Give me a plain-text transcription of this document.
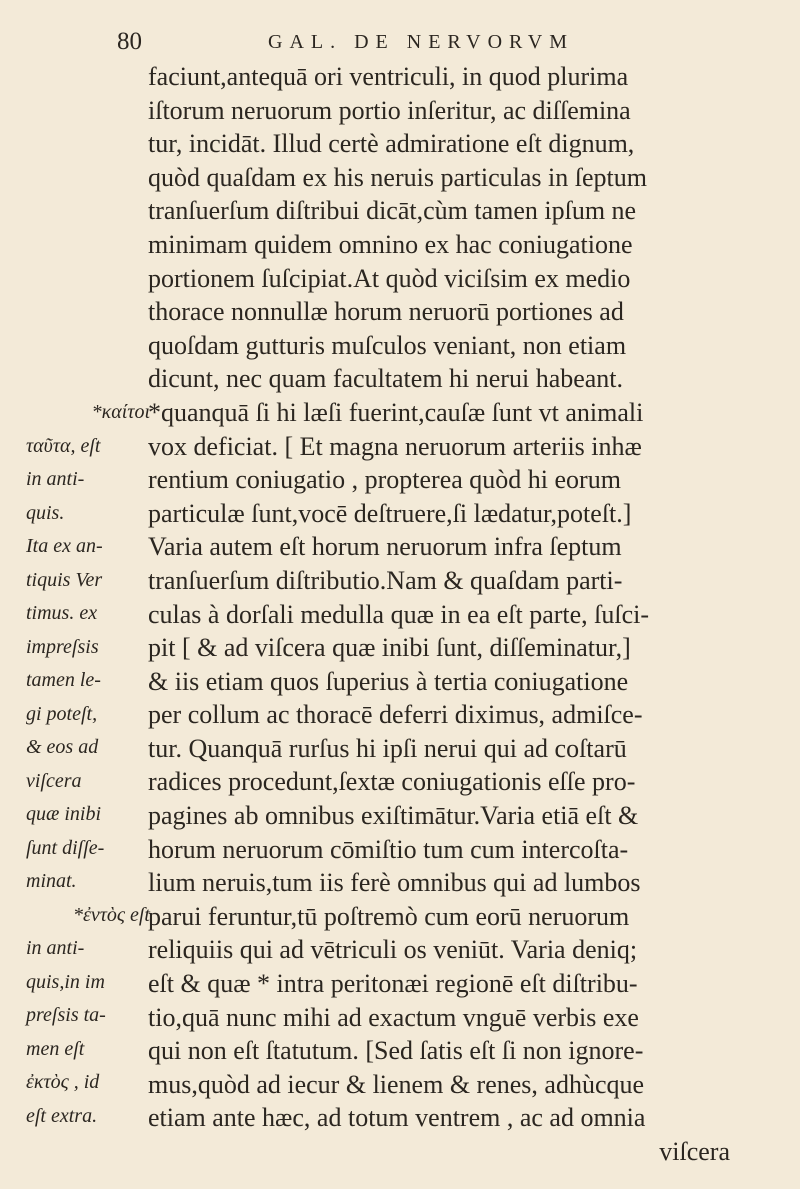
80	GAL. DE NERVORVM
*καίτοι
ταῦτα, eſt
in anti-
quis.
Ita ex an-
tiquis Ver
timus. ex
impreſsis
tamen le-
gi poteſt,
& eos ad
viſcera
quæ inibi
ſunt diſſe-
minat.
*ἐντὸς eſt
in anti-
quis,in im
preſsis ta-
men eſt
ἐκτὸς , id
eſt extra.
faciunt,antequā ori ventriculi, in quod plurima
iſtorum neruorum portio inſeritur, ac diſſemina
tur, incidāt. Illud certè admiratione eſt dignum,
quòd quaſdam ex his neruis particulas in ſeptum
tranſuerſum diſtribui dicāt,cùm tamen ipſum ne
minimam quidem omnino ex hac coniugatione
portionem ſuſcipiat.At quòd viciſsim ex medio
thorace nonnullæ horum neruorū portiones ad
quoſdam gutturis muſculos veniant, non etiam
dicunt, nec quam facultatem hi nerui habeant.
*quanquā ſi hi læſi fuerint,cauſæ ſunt vt animali
vox deficiat. [ Et magna neruorum arteriis inhæ
rentium coniugatio , propterea quòd hi eorum
particulæ ſunt,vocē deſtruere,ſi lædatur,poteſt.]
Varia autem eſt horum neruorum infra ſeptum
tranſuerſum diſtributio.Nam & quaſdam parti-
culas à dorſali medulla quæ in ea eſt parte, ſuſci-
pit [ & ad viſcera quæ inibi ſunt, diſſeminatur,]
& iis etiam quos ſuperius à tertia coniugatione
per collum ac thoracē deferri diximus, admiſce-
tur. Quanquā rurſus hi ipſi nerui qui ad coſtarū
radices procedunt,ſextæ coniugationis eſſe pro-
pagines ab omnibus exiſtimātur.Varia etiā eſt &
horum neruorum cōmiſtio tum cum intercoſta-
lium neruis,tum iis ferè omnibus qui ad lumbos
parui feruntur,tū poſtremò cum eorū neruorum
reliquiis qui ad vētriculi os veniūt. Varia deniq;
eſt & quæ * intra peritonæi regionē eſt diſtribu-
tio,quā nunc mihi ad exactum vnguē verbis exe
qui non eſt ſtatutum. [Sed ſatis eſt ſi non ignore-
mus,quòd ad iecur & lienem & renes, adhùcque
etiam ante hæc, ad totum ventrem , ac ad omnia
viſcera
